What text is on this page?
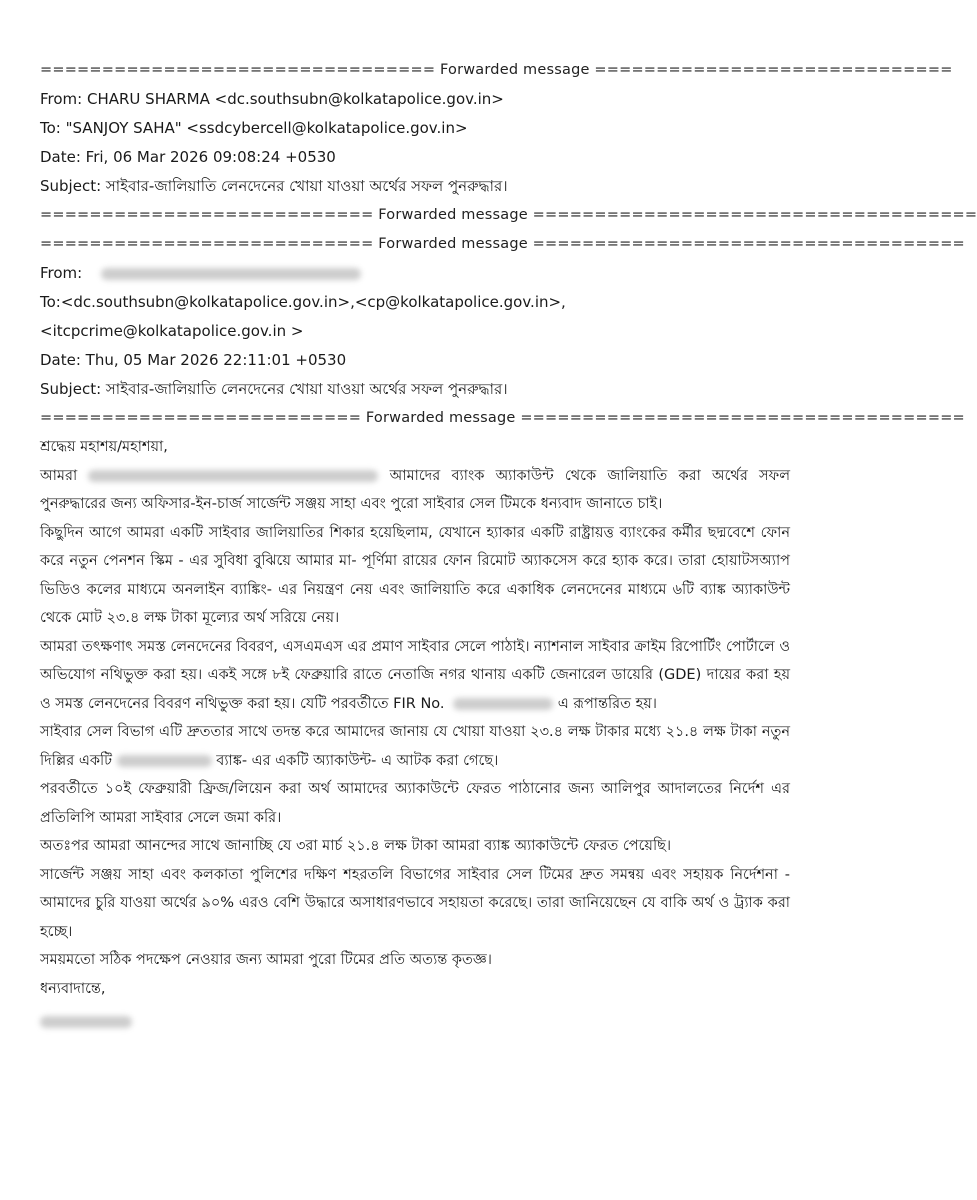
================================ Forwarded message =============================
From: CHARU SHARMA <dc.southsubn@kolkatapolice.gov.in>
To: "SANJOY SAHA" <ssdcybercell@kolkatapolice.gov.in>
Date: Fri, 06 Mar 2026 09:08:24 +0530
Subject: সাইবার-জালিয়াতি লেনদেনের খোয়া যাওয়া অর্থের সফল পুনরুদ্ধার।
=========================== Forwarded message ====================================
=========================== Forwarded message ===================================
From:
To:<dc.southsubn@kolkatapolice.gov.in>,<cp@kolkatapolice.gov.in>,
<itcpcrime@kolkatapolice.gov.in >
Date: Thu, 05 Mar 2026 22:11:01 +0530
Subject: সাইবার-জালিয়াতি লেনদেনের খোয়া যাওয়া অর্থের সফল পুনরুদ্ধার।
========================== Forwarded message ====================================
শ্রদ্ধেয় মহাশয়/মহাশয়া,
আমরা	আমাদের ব্যাংক অ্যাকাউন্ট থেকে জালিয়াতি করা অর্থের সফল
পুনরুদ্ধারের জন্য অফিসার-ইন-চার্জ সার্জেন্ট সঞ্জয় সাহা এবং পুরো সাইবার সেল টিমকে ধন্যবাদ জানাতে চাই।
কিছুদিন আগে আমরা একটি সাইবার জালিয়াতির শিকার হয়েছিলাম, যেখানে হ্যাকার একটি রাষ্ট্রায়ত্ত ব্যাংকের কর্মীর ছদ্মবেশে ফোন করে নতুন পেনশন স্কিম - এর সুবিধা বুঝিয়ে আমার মা- পূর্ণিমা রায়ের ফোন রিমোট অ্যাকসেস করে হ্যাক করে। তারা হোয়াটসঅ্যাপ ভিডিও কলের মাধ্যমে অনলাইন ব্যাঙ্কিং- এর নিয়ন্ত্রণ নেয় এবং জালিয়াতি করে একাধিক লেনদেনের মাধ্যমে ৬টি ব্যাঙ্ক অ্যাকাউন্ট থেকে মোট ২৩.৪ লক্ষ টাকা মূল্যের অর্থ সরিয়ে নেয়।
আমরা তৎক্ষণাৎ সমস্ত লেনদেনের বিবরণ, এসএমএস এর প্রমাণ সাইবার সেলে পাঠাই। ন্যাশনাল সাইবার ক্রাইম রিপোর্টিং পোর্টালে ও অভিযোগ নথিভুক্ত করা হয়। একই সঙ্গে ৮ই ফেব্রুয়ারি রাতে নেতাজি নগর থানায় একটি জেনারেল ডায়েরি (GDE) দায়ের করা হয় ও সমস্ত লেনদেনের বিবরণ নথিভুক্ত করা হয়। যেটি পরবর্তীতে FIR No.	এ রূপান্তরিত হয়।
সাইবার সেল বিভাগ এটি দ্রুততার সাথে তদন্ত করে আমাদের জানায় যে খোয়া যাওয়া ২৩.৪ লক্ষ টাকার মধ্যে ২১.৪ লক্ষ টাকা নতুন দিল্লির একটি	ব্যাঙ্ক- এর একটি অ্যাকাউন্ট- এ আটক করা গেছে।
পরবর্তীতে ১০ই ফেব্রুয়ারী ফ্রিজ/লিয়েন করা অর্থ আমাদের অ্যাকাউন্টে ফেরত পাঠানোর জন্য আলিপুর আদালতের নির্দেশ এর প্রতিলিপি আমরা সাইবার সেলে জমা করি।
অতঃপর আমরা আনন্দের সাথে জানাচ্ছি যে ৩রা মার্চ ২১.৪ লক্ষ টাকা আমরা ব্যাঙ্ক অ্যাকাউন্টে ফেরত পেয়েছি।
সার্জেন্ট সঞ্জয় সাহা এবং কলকাতা পুলিশের দক্ষিণ শহরতলি বিভাগের সাইবার সেল টিমের দ্রুত সমন্বয় এবং সহায়ক নির্দেশনা - আমাদের চুরি যাওয়া অর্থের ৯০% এরও বেশি উদ্ধারে অসাধারণভাবে সহায়তা করেছে। তারা জানিয়েছেন যে বাকি অর্থ ও ট্র্যাক করা হচ্ছে।
সময়মতো সঠিক পদক্ষেপ নেওয়ার জন্য আমরা পুরো টিমের প্রতি অত্যন্ত কৃতজ্ঞ।
ধন্যবাদান্তে,
